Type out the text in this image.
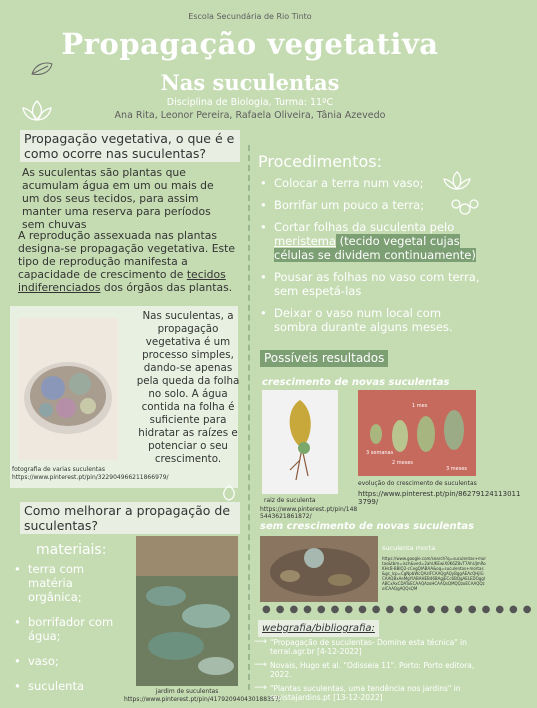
Escola Secundária de Rio Tinto
Propagação vegetativa
Nas suculentas
Disciplina de Biologia, Turma: 11ºC
Ana Rita, Leonor Pereira, Rafaela Oliveira, Tânia Azevedo
Propagação vegetativa, o que é e como ocorre nas suculentas?
As suculentas são plantas que acumulam água em um ou mais de um dos seus tecidos, para assim manter uma reserva para períodos sem chuvas
A reprodução assexuada nas plantas designa-se propagação vegetativa. Este tipo de reprodução manifesta a capacidade de crescimento de tecidos indiferenciados dos órgãos das plantas.
fotografia de varias suculentas
https://www.pinterest.pt/pin/322904966211866979/
Nas suculentas, a propagação vegetativa é um processo simples, dando-se apenas pela queda da folha no solo. A água contida na folha é suficiente para hidratar as raízes e potenciar o seu crescimento.
Como melhorar a propagação de suculentas?
materiais:
• terra com matéria orgânica;
• borrifador com água;
• vaso;
• suculenta	jardim de suculentas
https://www.pinterest.pt/pin/417920940430188357/
Procedimentos:
• Colocar a terra num vaso;
• Borrifar um pouco a terra;
• Cortar folhas da suculenta pelo meristema (tecido vegetal cujas células se dividem continuamente)
• Pousar as folhas no vaso com terra, sem espetá-las
• Deixar o vaso num local com sombra durante alguns meses.
Possíveis resultados
crescimento de novas suculentas
raiz de suculenta
https://www.pinterest.pt/pin/148 5443621861872/
1 mes
3 semanas
2 meses
3 meses
evolução do crescimento de suculentas
https://www.pinterest.pt/pin/86279124113011 3799/
sem crescimento de novas suculentas
suculenta morta
https://www.google.com/search?q=suculentas+mortas&tbm=isch&ved=2ahUKEwiX0K6Z8vT7AhUJmRoKHcB-BBIQ2-cCegQIABAA&oq=suculentas+mortas&gs_lcp=CgNpbWcQAzIFCAAQgAQyBggAEAcQHjIGCAAQBxAeMgYIABAHEB46BAgjECc6BQgAELEDOggIABCxAxCDAToECAAQAzoHCAAQsQMQQzoECAAQQzoICAAQgAQQsQM
●●●●●●●●●●●●●●●●●●●●
webgrafia/bibliografia:
⟶ "Propagação de suculentas- Domine esta técnica" in terral.agr.br [4-12-2022]
⟶ Novais, Hugo et al. "Odisseia 11". Porto: Porto editora, 2022.
⟶ "Plantas suculentas, uma tendência nos jardins" in revistajardins.pt [13-12-2022]
